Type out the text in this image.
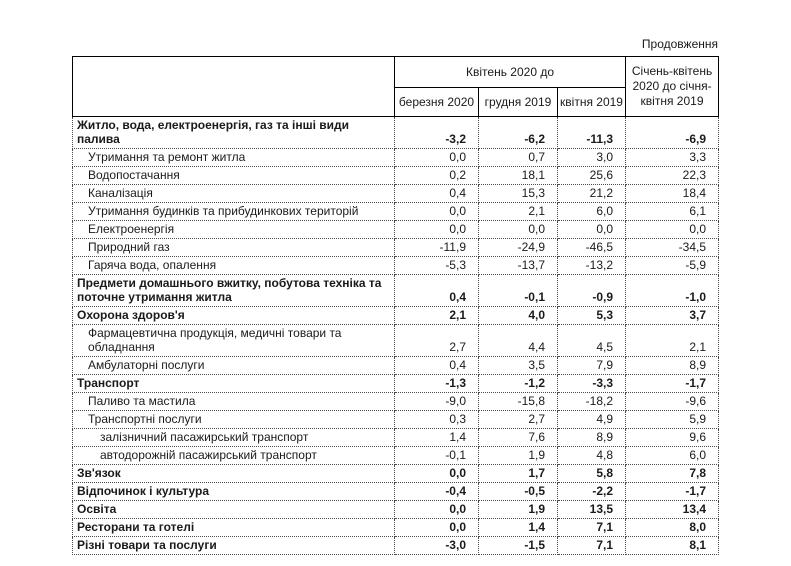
Продовження
	Квітень 2020 до			Січень-квітень 2020 до січня-квітня 2019
	березня 2020	грудня 2019	квітня 2019	
Житло, вода, електроенергія, газ та інші види палива	-3,2	-6,2	-11,3	-6,9
Утримання та ремонт житла	0,0	0,7	3,0	3,3
Водопостачання	0,2	18,1	25,6	22,3
Каналізація	0,4	15,3	21,2	18,4
Утримання будинків та прибудинкових територій	0,0	2,1	6,0	6,1
Електроенергія	0,0	0,0	0,0	0,0
Природний газ	-11,9	-24,9	-46,5	-34,5
Гаряча вода, опалення	-5,3	-13,7	-13,2	-5,9
Предмети домашнього вжитку, побутова техніка та поточне утримання житла	0,4	-0,1	-0,9	-1,0
Охорона здоров'я	2,1	4,0	5,3	3,7
Фармацевтична продукція, медичні товари та обладнання	2,7	4,4	4,5	2,1
Амбулаторні послуги	0,4	3,5	7,9	8,9
Транспорт	-1,3	-1,2	-3,3	-1,7
Паливо та мастила	-9,0	-15,8	-18,2	-9,6
Транспортні послуги	0,3	2,7	4,9	5,9
залізничний пасажирський транспорт	1,4	7,6	8,9	9,6
автодорожній пасажирський транспорт	-0,1	1,9	4,8	6,0
Зв'язок	0,0	1,7	5,8	7,8
Відпочинок і культура	-0,4	-0,5	-2,2	-1,7
Освіта	0,0	1,9	13,5	13,4
Ресторани та готелі	0,0	1,4	7,1	8,0
Різні товари та послуги	-3,0	-1,5	7,1	8,1
